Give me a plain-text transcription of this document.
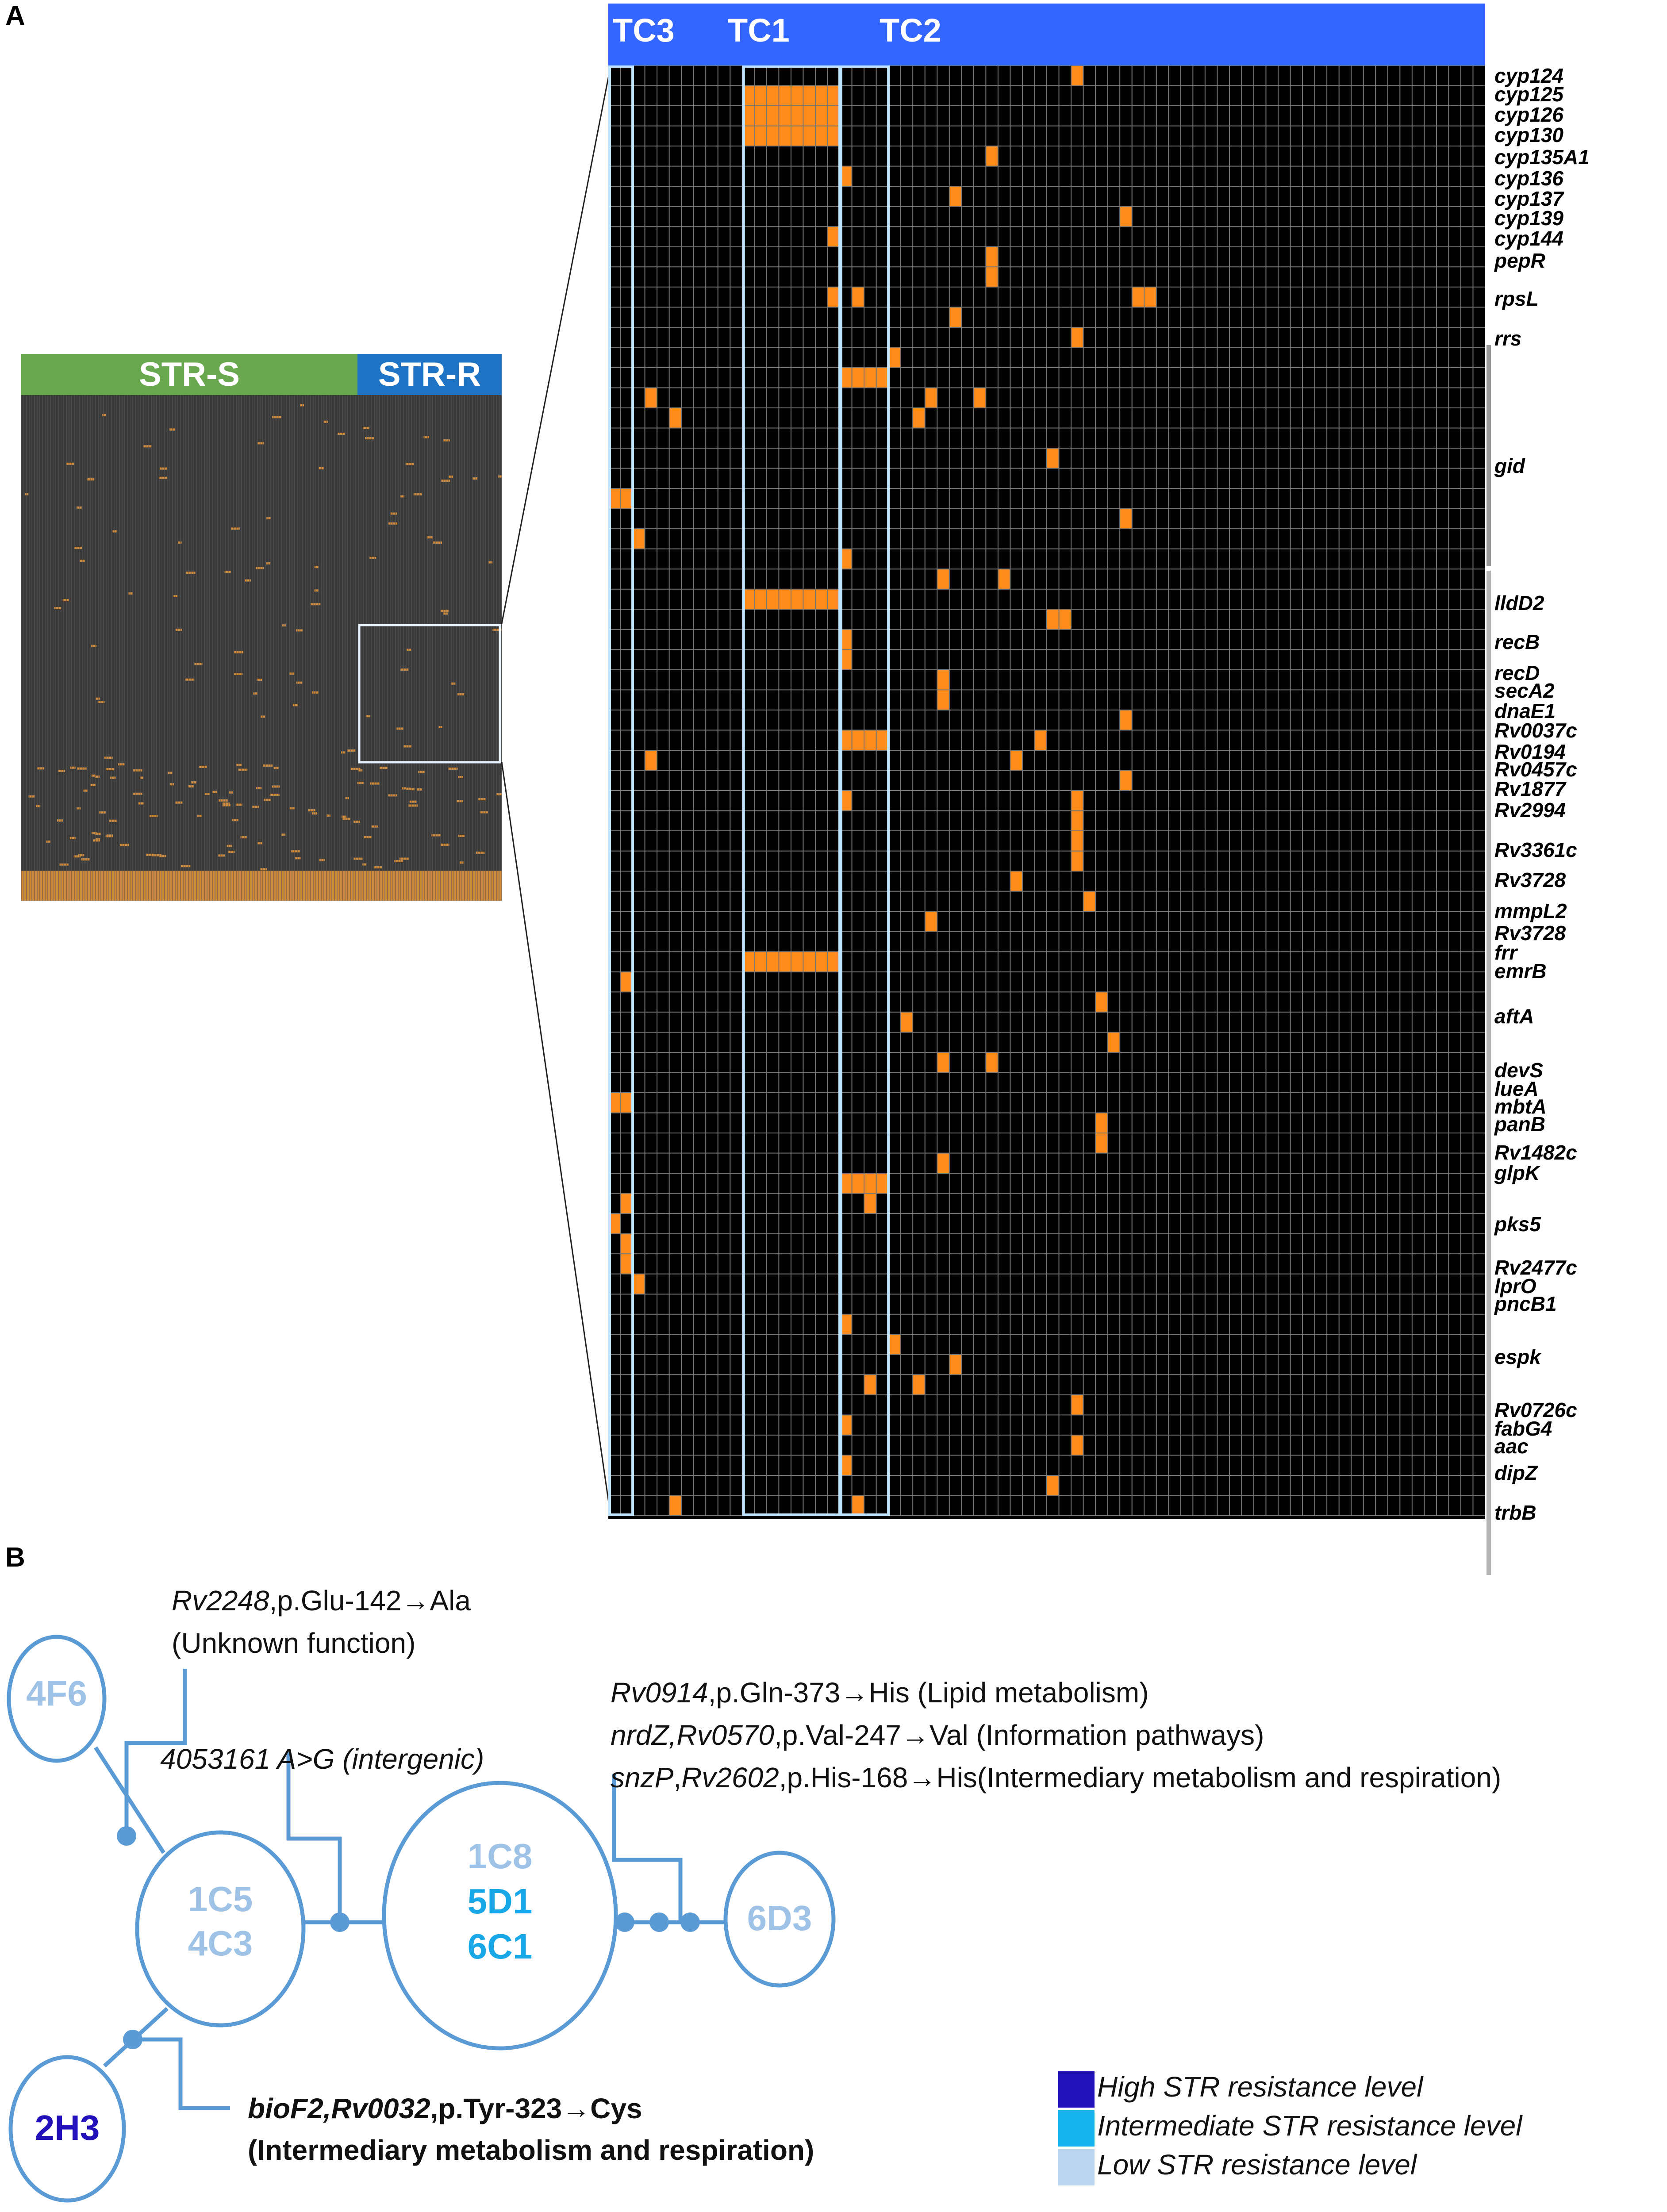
A
STR-S	STR-R
TC3 TC1	TC2
cyp124
cyp125
cyp126
cyp130
cyp135A1
cyp136
cyp137
cyp139
cyp144
pepR
rpsL
rrs
gid
lldD2
recB
recD
secA2
dnaE1
Rv0037c
Rv0194
Rv0457c
Rv1877
Rv2994
Rv3361c
Rv3728
mmpL2
Rv3728
frr
emrB
aftA
devS
lueA
mbtA
panB
Rv1482c
glpK
pks5
Rv2477c
lprO
pncB1
espk
Rv0726c
fabG4
aac
dipZ
trbB
B
4F6
1C5
4C3
1C8
5D1
6C1
6D3
2H3
Rv2248,p.Glu-142→Ala
(Unknown function)
4053161 A>G (intergenic)
Rv0914,p.Gln-373→His (Lipid metabolism)
nrdZ,Rv0570,p.Val-247→Val (Information pathways)
snzP,Rv2602,p.His-168→His(Intermediary metabolism and respiration)
bioF2,Rv0032,p.Tyr-323→Cys
(Intermediary metabolism and respiration)
High STR resistance level
Intermediate STR resistance level
Low STR resistance level
